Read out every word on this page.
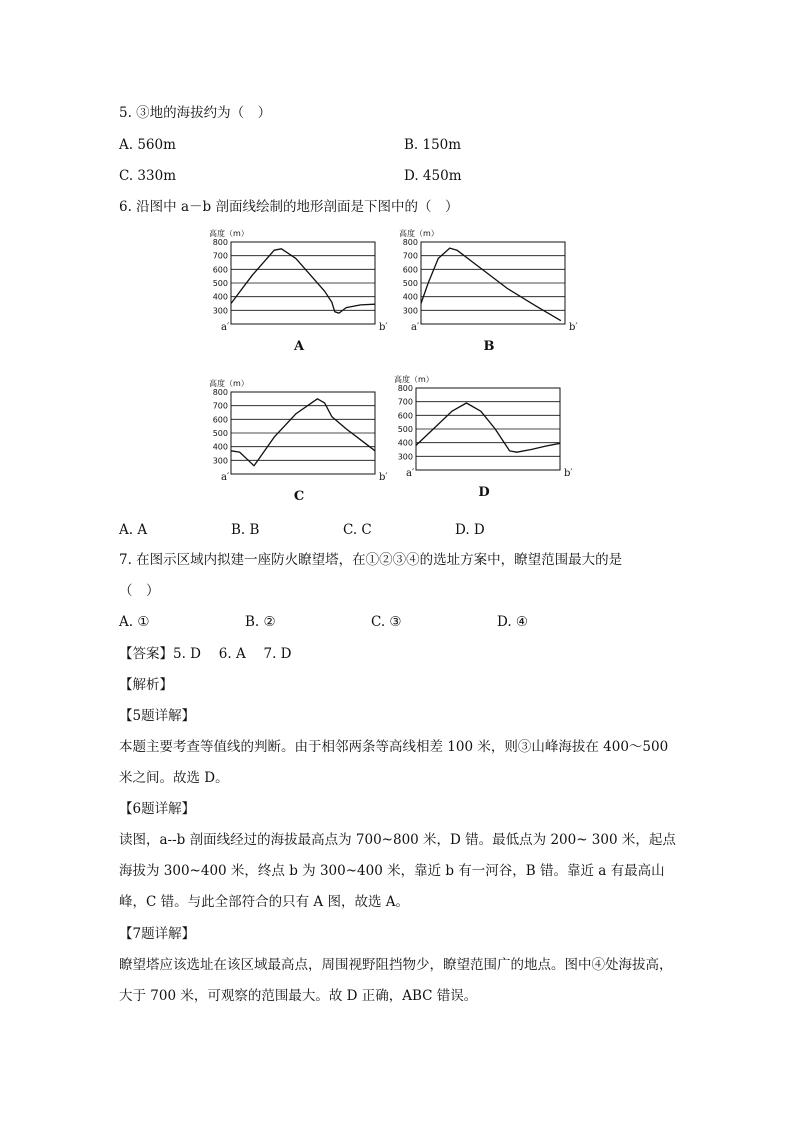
5. ③地的海拔约为（　）
A. 560m	B. 150m
C. 330m	D. 450m
6. 沿图中 a－b 剖面线绘制的地形剖面是下图中的（　）
高度（m）
300
400
500
600
700
800
a′	b′
A
高度（m）
300
400
500
600
700
800
a′	b′
B
高度（m）
300
400
500
600
700
800
a′	b′
C
高度（m）
300
400
500
600
700
800
a′	b′
D
A. A	B. B	C. C	D. D
7. 在图示区域内拟建一座防火瞭望塔，在①②③④的选址方案中，瞭望范围最大的是
（　）
A. ①	B. ②	C. ③	D. ④
【答案】5. D　 6. A　 7. D
【解析】
【5题详解】
本题主要考查等值线的判断。由于相邻两条等高线相差 100 米，则③山峰海拔在 400～500 米之间。故选 D。
【6题详解】
读图，a--b 剖面线经过的海拔最高点为 700~800 米，D 错。最低点为 200~ 300 米，起点海拔为 300~400 米，终点 b 为 300~400 米，靠近 b 有一河谷，B 错。靠近 a 有最高山峰，C 错。与此全部符合的只有 A 图，故选 A。
【7题详解】
瞭望塔应该选址在该区域最高点，周围视野阻挡物少，瞭望范围广的地点。图中④处海拔高，大于 700 米，可观察的范围最大。故 D 正确，ABC 错误。
